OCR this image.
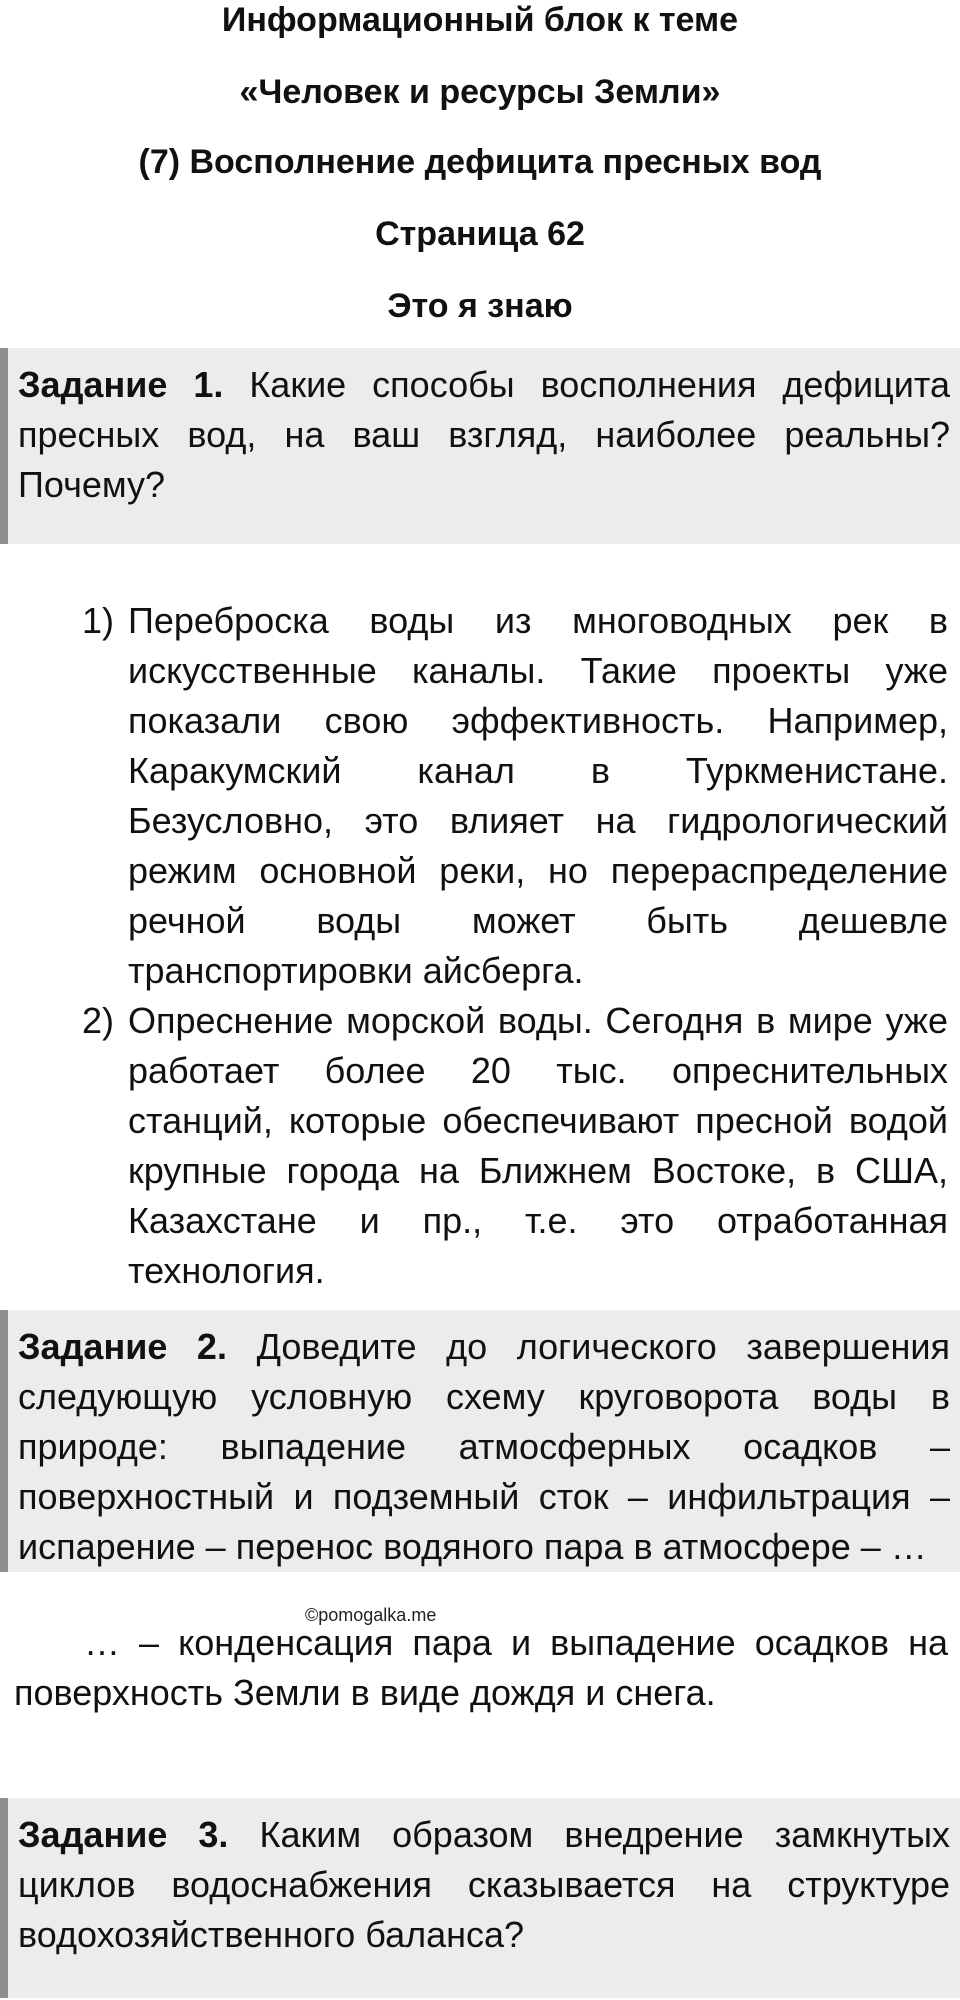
Информационный блок к теме
«Человек и ресурсы Земли»
(7) Восполнение дефицита пресных вод
Страница 62
Это я знаю
Задание 1. Какие способы восполнения дефицита пресных вод, на ваш взгляд, наиболее реальны? Почему?
1) Переброска воды из многоводных рек в искусственные каналы. Такие проекты уже показали свою эффективность. Например, Каракумский канал в Туркменистане. Безусловно, это влияет на гидрологический режим основной реки, но перераспределение речной воды может быть дешевле транспортировки айсберга.
2) Опреснение морской воды. Сегодня в мире уже работает более 20 тыс. опреснительных станций, которые обеспечивают пресной водой крупные города на Ближнем Востоке, в США, Казахстане и пр., т.е. это отработанная технология.
Задание 2. Доведите до логического завершения следующую условную схему круговорота воды в природе: выпадение атмосферных осадков – поверхностный и подземный сток – инфильтрация – испарение – перенос водяного пара в атмосфере – …
©pomogalka.me
… – конденсация пара и выпадение осадков на поверхность Земли в виде дождя и снега.
Задание 3. Каким образом внедрение замкнутых циклов водоснабжения сказывается на структуре водохозяйственного баланса?
